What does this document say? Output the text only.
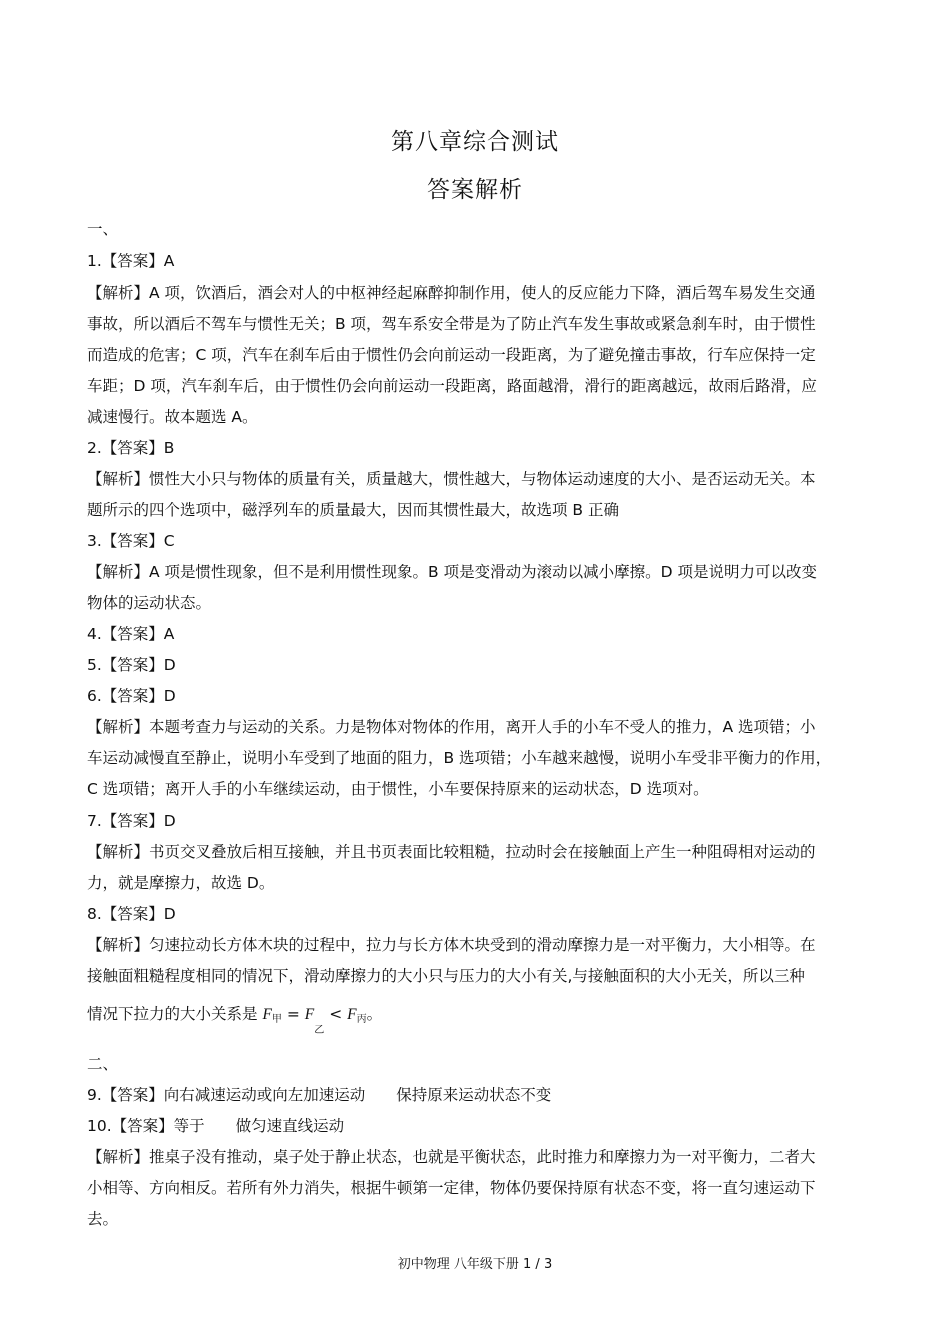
第八章综合测试
答案解析
一、
1.【答案】A
【解析】A 项，饮酒后，酒会对人的中枢神经起麻醉抑制作用，使人的反应能力下降，酒后驾车易发生交通
事故，所以酒后不驾车与惯性无关；B 项，驾车系安全带是为了防止汽车发生事故或紧急刹车时，由于惯性
而造成的危害；C 项，汽车在刹车后由于惯性仍会向前运动一段距离，为了避免撞击事故，行车应保持一定
车距；D 项，汽车刹车后，由于惯性仍会向前运动一段距离，路面越滑，滑行的距离越远，故雨后路滑，应
减速慢行。故本题选 A。
2.【答案】B
【解析】惯性大小只与物体的质量有关，质量越大，惯性越大，与物体运动速度的大小、是否运动无关。本
题所示的四个选项中，磁浮列车的质量最大，因而其惯性最大，故选项 B 正确
3.【答案】C
【解析】A 项是惯性现象，但不是利用惯性现象。B 项是变滑动为滚动以减小摩擦。D 项是说明力可以改变
物体的运动状态。
4.【答案】A
5.【答案】D
6.【答案】D
【解析】本题考查力与运动的关系。力是物体对物体的作用，离开人手的小车不受人的推力，A 选项错；小
车运动减慢直至静止，说明小车受到了地面的阻力，B 选项错；小车越来越慢，说明小车受非平衡力的作用，
C 选项错；离开人手的小车继续运动，由于惯性，小车要保持原来的运动状态，D 选项对。
7.【答案】D
【解析】书页交叉叠放后相互接触，并且书页表面比较粗糙，拉动时会在接触面上产生一种阻碍相对运动的
力，就是摩擦力，故选 D。
8.【答案】D
【解析】匀速拉动长方体木块的过程中，拉力与长方体木块受到的滑动摩擦力是一对平衡力，大小相等。在
接触面粗糙程度相同的情况下，滑动摩擦力的大小只与压力的大小有关,与接触面积的大小无关，所以三种
情况下拉力的大小关系是 F甲 = $F_乙 < F$丙。
二、
9.【答案】向右减速运动或向左加速运动　　保持原来运动状态不变
10.【答案】等于　　做匀速直线运动
【解析】推桌子没有推动，桌子处于静止状态，也就是平衡状态，此时推力和摩擦力为一对平衡力，二者大
小相等、方向相反。若所有外力消失，根据牛顿第一定律，物体仍要保持原有状态不变，将一直匀速运动下
去。
初中物理 八年级下册 1 / 3
